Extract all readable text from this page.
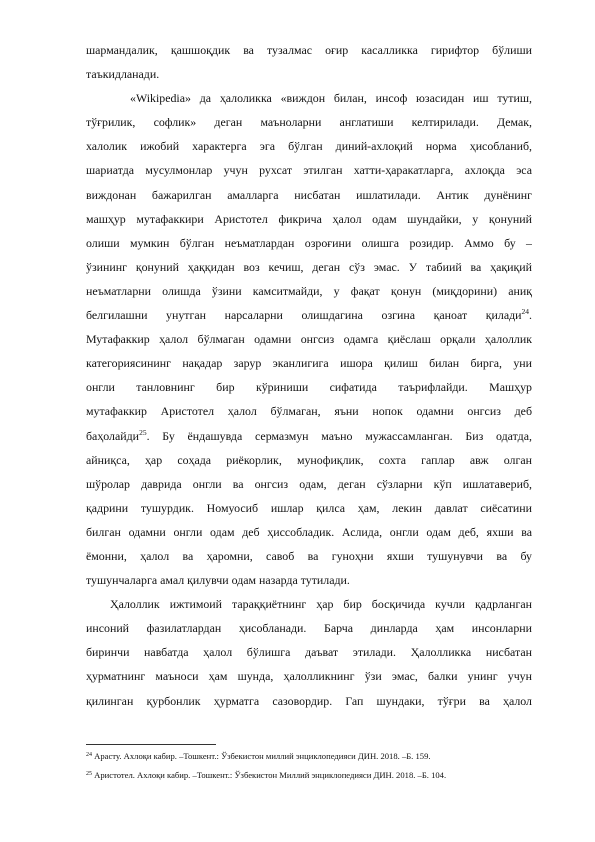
шармандалик, қашшоқдик ва тузалмас оғир касалликка гирифтор бўлиши
таъкидланади.
«Wikipedia» да ҳалоликка «виждон билан, инсоф юзасидан иш тутиш,
тўғрилик, софлик» деган маъноларни англатиши келтирилади. Демак,
халолик ижобий характерга эга бўлган диний-ахлоқий норма ҳисобланиб,
шариатда мусулмонлар учун рухсат этилган хатти-ҳаракатларга, ахлоқда эса
виждонан бажарилган амалларга нисбатан ишлатилади. Антик дунёнинг
машҳур мутафаккири Аристотел фикрича ҳалол одам шундайки, у қонуний
олиши мумкин бўлган неъматлардан озроғини олишга розидир. Аммо бу –
ўзининг қонуний ҳаққидан воз кечиш, деган сўз эмас. У табиий ва ҳақиқий
неъматларни олишда ўзини камситмайди, у фақат қонун (миқдорини) аниқ
белгилашни унутган нарсаларни олишдагина озгина қаноат қилади$^{24}$.
Мутафаккир ҳалол бўлмаган одамни онгсиз одамга қиёслаш орқали ҳалоллик
категориясининг нақадар зарур эканлигига ишора қилиш билан бирга, уни
онгли танловнинг бир кўриниши сифатида таърифлайди. Машҳур
мутафаккир Аристотел ҳалол бўлмаган, яъни нопок одамни онгсиз деб
баҳолайди$^{25}$. Бу ёндашувда сермазмун маъно мужассамланган. Биз одатда,
айниқса, ҳар соҳада риёкорлик, мунофиқлик, сохта гаплар авж олган
шўролар даврида онгли ва онгсиз одам, деган сўзларни кўп ишлатавериб,
қадрини тушурдик. Номуосиб ишлар қилса ҳам, лекин давлат сиёсатини
билган одамни онгли одам деб ҳиссобладик. Аслида, онгли одам деб, яхши ва
ёмонни, ҳалол ва ҳаромни, савоб ва гуноҳни яхши тушунувчи ва бу
тушунчаларга амал қилувчи одам назарда тутилади.
Ҳалоллик ижтимоий тараққиётнинг ҳар бир босқичида кучли қадрланган
инсоний фазилатлардан ҳисобланади. Барча динларда ҳам инсонларни
биринчи навбатда ҳалол бўлишга даъват этилади. Ҳалолликка нисбатан
ҳурматнинг маъноси ҳам шунда, ҳалолликнинг ўзи эмас, балки унинг учун
қилинган қурбонлик ҳурматга сазовордир. Гап шундаки, тўғри ва ҳалол
$^{24}$ Арасту. Ахлоқи кабир. –Тошкент.: Ўзбекистон миллий энциклопедияси ДИН. 2018. –Б. 159.
$^{25}$ Аристотел. Ахлоқи кабир. –Тошкент.: Ўзбекистон Миллий энциклопедияси ДИН. 2018. –Б. 104.
